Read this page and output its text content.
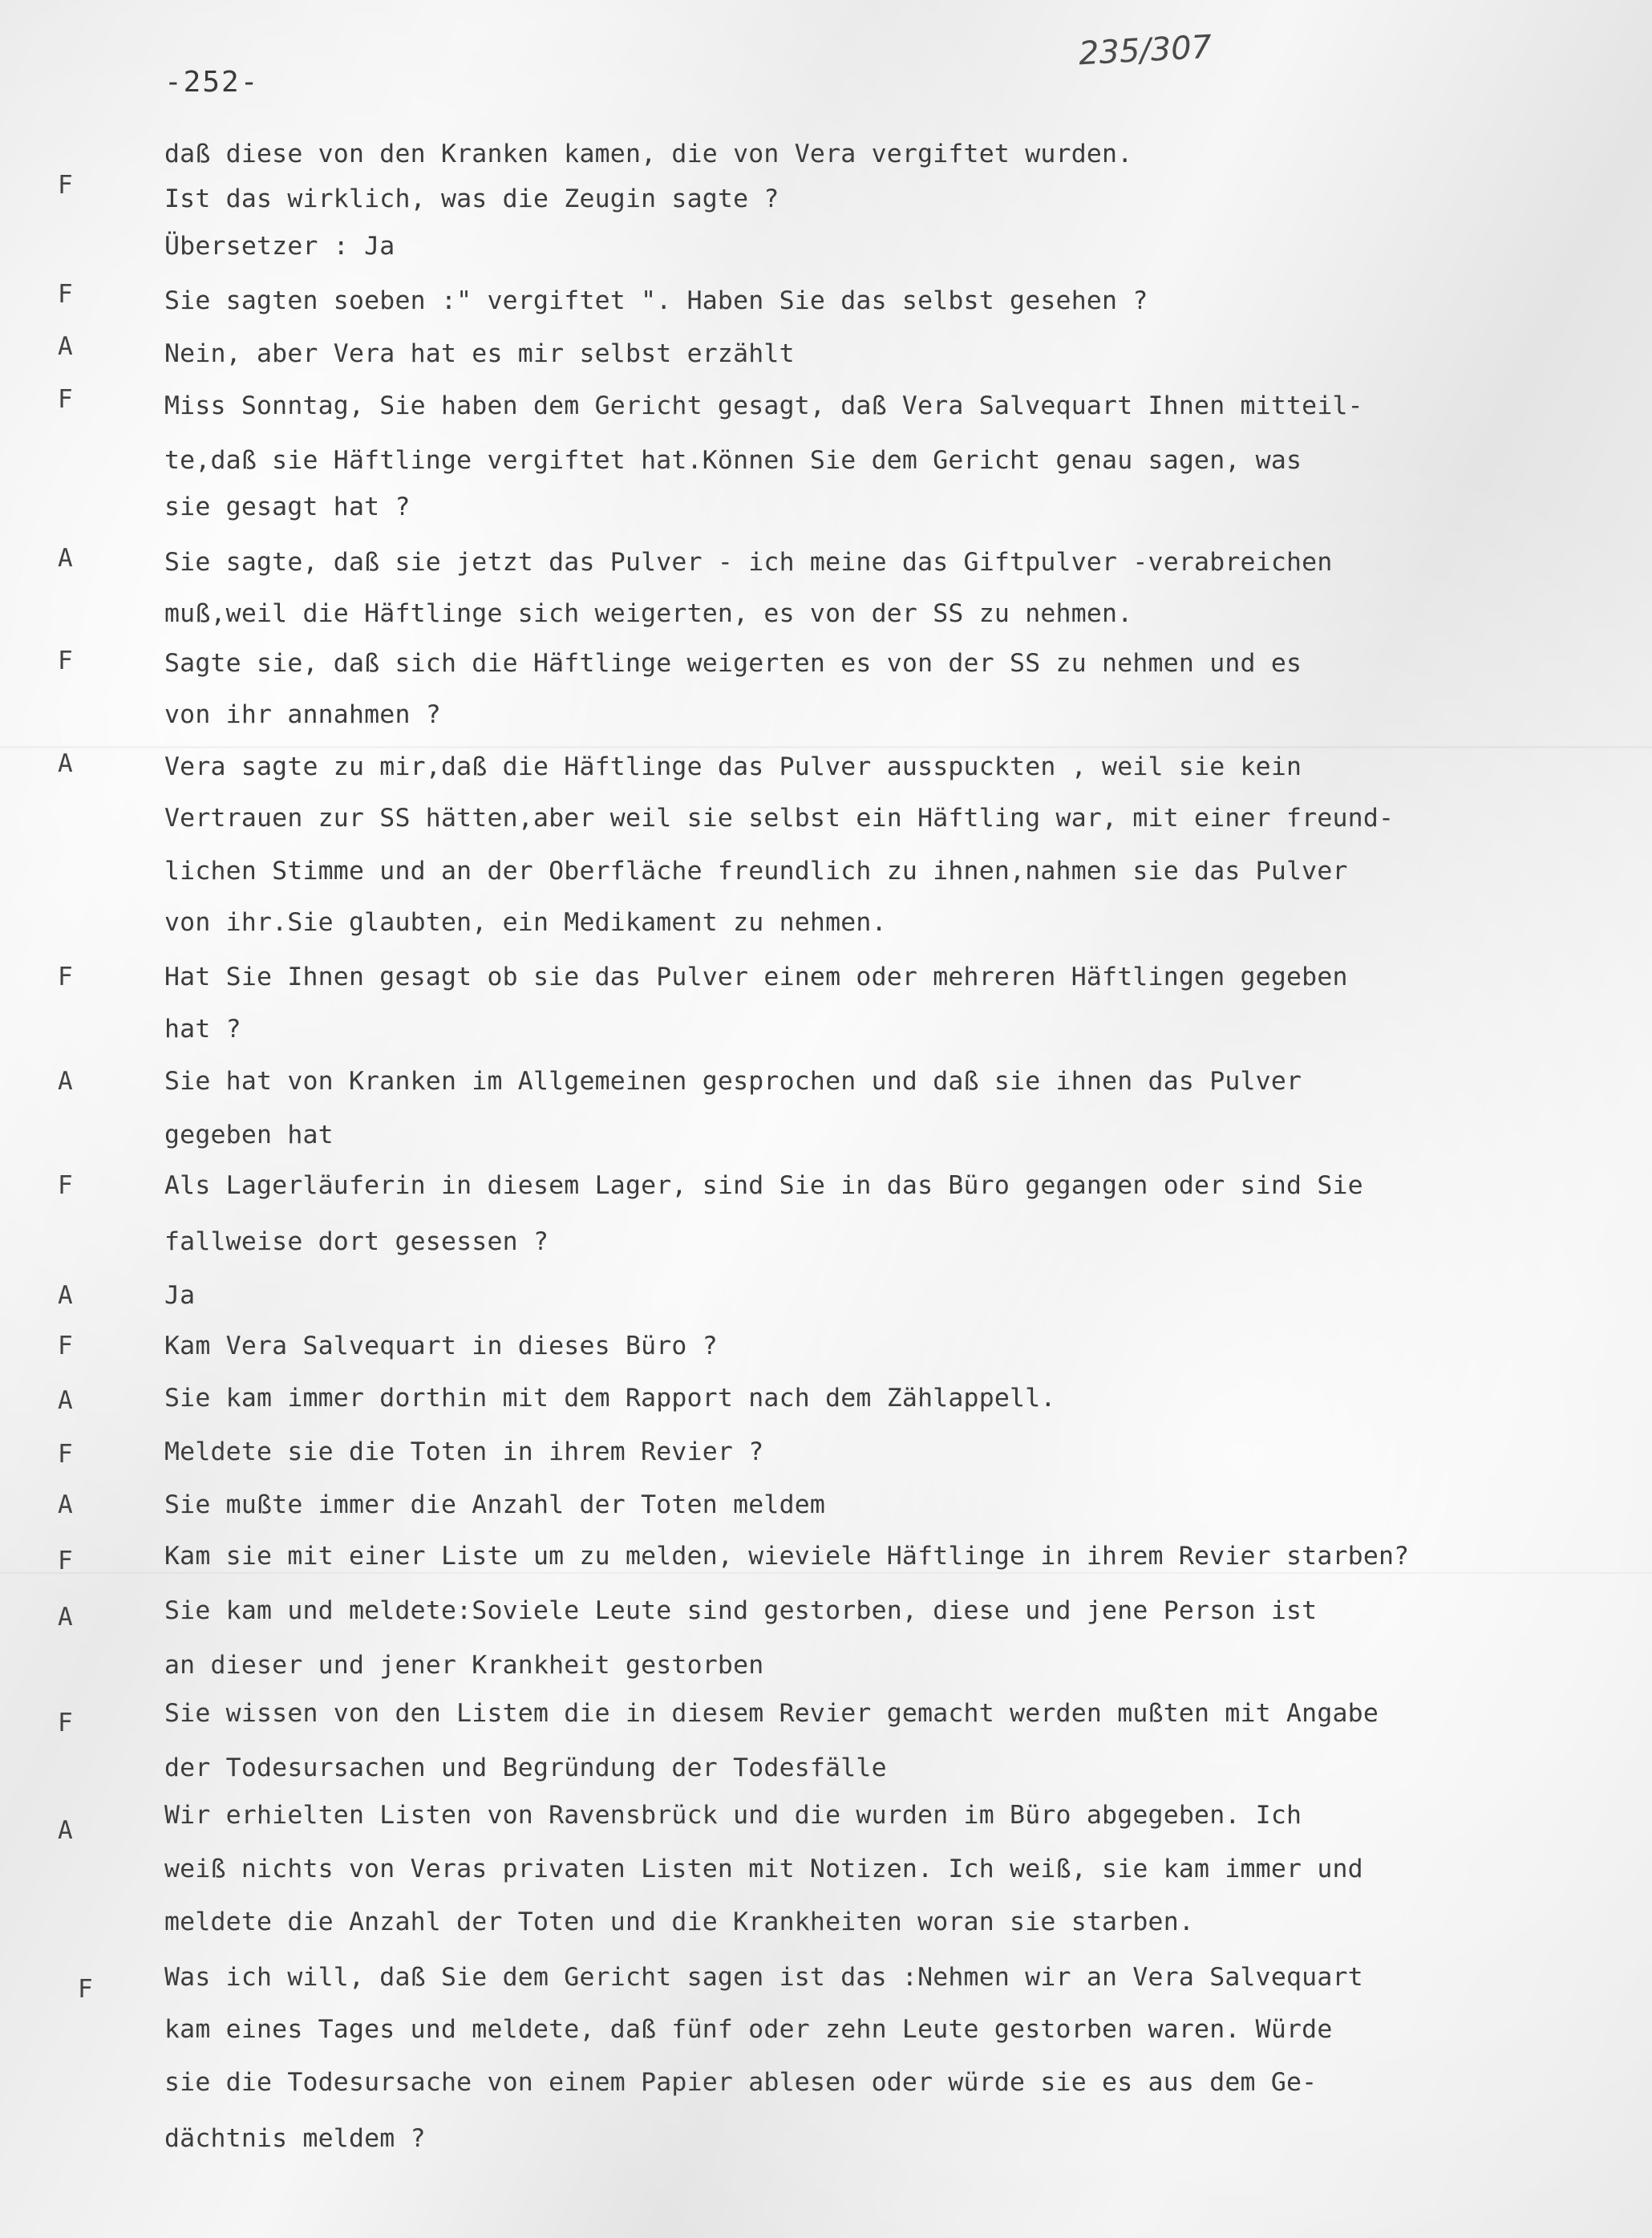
-252-
235/307
daß diese von den Kranken kamen, die von Vera vergiftet wurden.
F	Ist das wirklich, was die Zeugin sagte ?
Übersetzer : Ja
F	Sie sagten soeben :" vergiftet ". Haben Sie das selbst gesehen ?
A	Nein, aber Vera hat es mir selbst erzählt
F	Miss Sonntag, Sie haben dem Gericht gesagt, daß Vera Salvequart Ihnen mitteil-
te,daß sie Häftlinge vergiftet hat.Können Sie dem Gericht genau sagen, was
sie gesagt hat ?
A	Sie sagte, daß sie jetzt das Pulver - ich meine das Giftpulver -verabreichen
muß,weil die Häftlinge sich weigerten, es von der SS zu nehmen.
F	Sagte sie, daß sich die Häftlinge weigerten es von der SS zu nehmen und es
von ihr annahmen ?
A	Vera sagte zu mir,daß die Häftlinge das Pulver ausspuckten , weil sie kein
Vertrauen zur SS hätten,aber weil sie selbst ein Häftling war, mit einer freund-
lichen Stimme und an der Oberfläche freundlich zu ihnen,nahmen sie das Pulver
von ihr.Sie glaubten, ein Medikament zu nehmen.
F	Hat Sie Ihnen gesagt ob sie das Pulver einem oder mehreren Häftlingen gegeben
hat ?
A	Sie hat von Kranken im Allgemeinen gesprochen und daß sie ihnen das Pulver
gegeben hat
F	Als Lagerläuferin in diesem Lager, sind Sie in das Büro gegangen oder sind Sie
fallweise dort gesessen ?
A	Ja
F	Kam Vera Salvequart in dieses Büro ?
A	Sie kam immer dorthin mit dem Rapport nach dem Zählappell.
F	Meldete sie die Toten in ihrem Revier ?
A	Sie mußte immer die Anzahl der Toten meldem
F	Kam sie mit einer Liste um zu melden, wieviele Häftlinge in ihrem Revier starben?
A	Sie kam und meldete:Soviele Leute sind gestorben, diese und jene Person ist
an dieser und jener Krankheit gestorben
F	Sie wissen von den Listem die in diesem Revier gemacht werden mußten mit Angabe
der Todesursachen und Begründung der Todesfälle
A
Wir erhielten Listen von Ravensbrück und die wurden im Büro abgegeben. Ich
weiß nichts von Veras privaten Listen mit Notizen. Ich weiß, sie kam immer und
meldete die Anzahl der Toten und die Krankheiten woran sie starben.
F	Was ich will, daß Sie dem Gericht sagen ist das :Nehmen wir an Vera Salvequart
kam eines Tages und meldete, daß fünf oder zehn Leute gestorben waren. Würde
sie die Todesursache von einem Papier ablesen oder würde sie es aus dem Ge-
dächtnis meldem ?
